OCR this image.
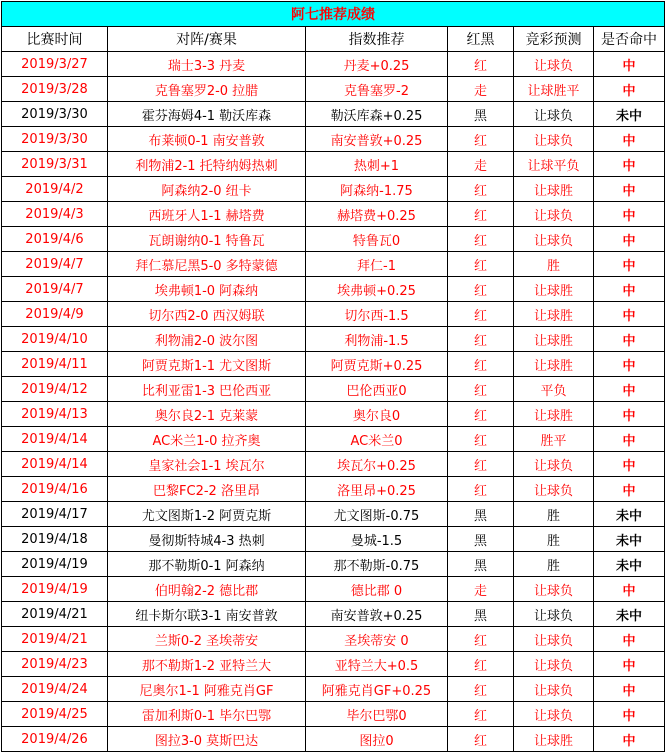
阿七推荐成绩					
比赛时间	对阵/赛果	指数推荐	红黑	竞彩预测	是否命中
2019/3/27	瑞士3-3 丹麦	丹麦+0.25	红	让球负	中
2019/3/28	克鲁塞罗2-0 拉腊	克鲁塞罗-2	走	让球胜平	中
2019/3/30	霍芬海姆4-1 勒沃库森	勒沃库森+0.25	黑	让球负	未中
2019/3/30	布莱顿0-1 南安普敦	南安普敦+0.25	红	让球负	中
2019/3/31	利物浦2-1 托特纳姆热刺	热刺+1	走	让球平负	中
2019/4/2	阿森纳2-0 纽卡	阿森纳-1.75	红	让球胜	中
2019/4/3	西班牙人1-1 赫塔费	赫塔费+0.25	红	让球负	中
2019/4/6	瓦朗谢纳0-1 特鲁瓦	特鲁瓦0	红	让球负	中
2019/4/7	拜仁慕尼黑5-0 多特蒙德	拜仁-1	红	胜	中
2019/4/7	埃弗顿1-0 阿森纳	埃弗顿+0.25	红	让球胜	中
2019/4/9	切尔西2-0 西汉姆联	切尔西-1.5	红	让球胜	中
2019/4/10	利物浦2-0 波尔图	利物浦-1.5	红	让球胜	中
2019/4/11	阿贾克斯1-1 尤文图斯	阿贾克斯+0.25	红	让球胜	中
2019/4/12	比利亚雷1-3 巴伦西亚	巴伦西亚0	红	平负	中
2019/4/13	奥尔良2-1 克莱蒙	奥尔良0	红	让球胜	中
2019/4/14	AC米兰1-0 拉齐奥	AC米兰0	红	胜平	中
2019/4/14	皇家社会1-1 埃瓦尔	埃瓦尔+0.25	红	让球负	中
2019/4/16	巴黎FC2-2 洛里昂	洛里昂+0.25	红	让球负	中
2019/4/17	尤文图斯1-2 阿贾克斯	尤文图斯-0.75	黑	胜	未中
2019/4/18	曼彻斯特城4-3 热刺	曼城-1.5	黑	胜	未中
2019/4/19	那不勒斯0-1 阿森纳	那不勒斯-0.75	黑	胜	未中
2019/4/19	伯明翰2-2 德比郡	德比郡 0	走	让球负	中
2019/4/21	纽卡斯尔联3-1 南安普敦	南安普敦+0.25	黑	让球负	未中
2019/4/21	兰斯0-2 圣埃蒂安	圣埃蒂安 0	红	让球负	中
2019/4/23	那不勒斯1-2 亚特兰大	亚特兰大+0.5	红	让球负	中
2019/4/24	尼奥尔1-1 阿雅克肖GF	阿雅克肖GF+0.25	红	让球负	中
2019/4/25	雷加利斯0-1 毕尔巴鄂	毕尔巴鄂0	红	让球负	中
2019/4/26	图拉3-0 莫斯巴达	图拉0	红	让球胜	中
